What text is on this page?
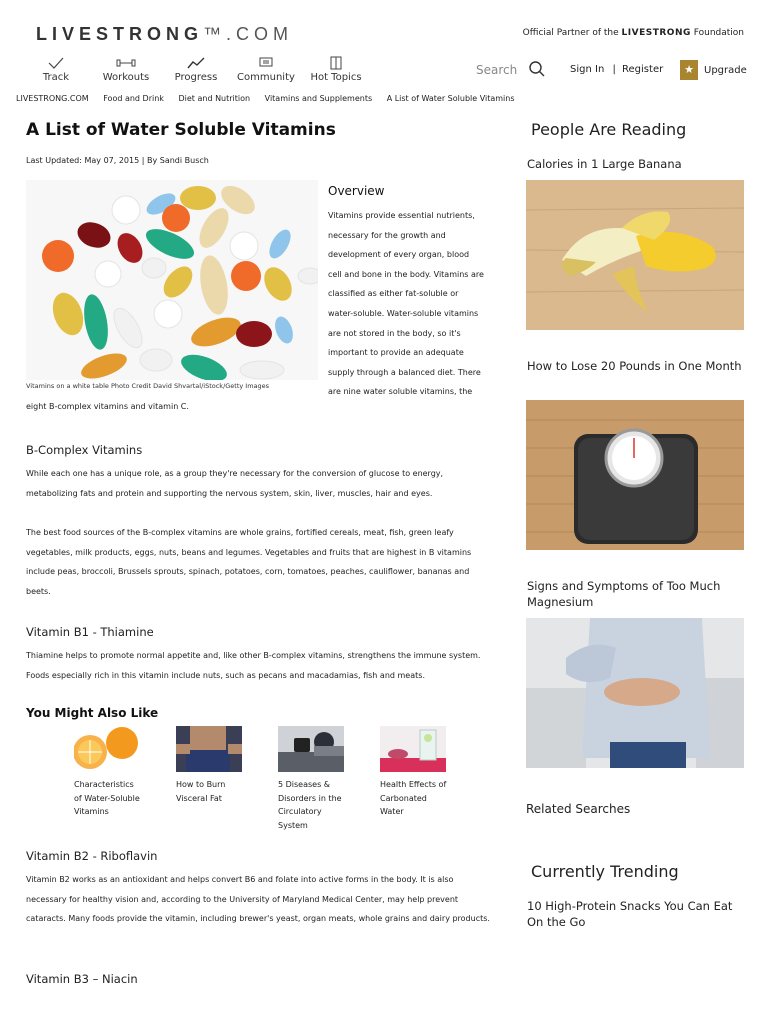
LIVESTRONG™.COM	Official Partner of the LIVESTRONG Foundation
Track	Workouts	Progress	Community	Hot Topics
Search	Sign In | Register	★	Upgrade
LIVESTRONG.COM Food and Drink Diet and Nutrition Vitamins and Supplements A List of Water Soluble Vitamins
A List of Water Soluble Vitamins
Last Updated: May 07, 2015 | By Sandi Busch
Vitamins on a white table Photo Credit David Shvartal/iStock/Getty Images
Overview
Vitamins provide essential nutrients,
necessary for the growth and
development of every organ, blood
cell and bone in the body. Vitamins are
classified as either fat-soluble or
water-soluble. Water-soluble vitamins
are not stored in the body, so it's
important to provide an adequate
supply through a balanced diet. There
are nine water soluble vitamins, the
eight B-complex vitamins and vitamin C.
B-Complex Vitamins

While each one has a unique role, as a group they're necessary for the conversion of glucose to energy, metabolizing fats and protein and supporting the nervous system, skin, liver, muscles, hair and eyes.

The best food sources of the B-complex vitamins are whole grains, fortified cereals, meat, fish, green leafy vegetables, milk products, eggs, nuts, beans and legumes. Vegetables and fruits that are highest in B vitamins include peas, broccoli, Brussels sprouts, spinach, potatoes, corn, tomatoes, peaches, cauliflower, bananas and beets.

Vitamin B1 - Thiamine

Thiamine helps to promote normal appetite and, like other B-complex vitamins, strengthens the immune system. Foods especially rich in this vitamin include nuts, such as pecans and macadamias, fish and meats.

You Might Also Like
Characteristics of Water-Soluble Vitamins
How to Burn Visceral Fat
5 Diseases & Disorders in the Circulatory System
Health Effects of Carbonated Water
Vitamin B2 - Riboflavin

Vitamin B2 works as an antioxidant and helps convert B6 and folate into active forms in the body. It is also necessary for healthy vision and, according to the University of Maryland Medical Center, may help prevent cataracts. Many foods provide the vitamin, including brewer's yeast, organ meats, whole grains and dairy products.

Vitamin B3 – Niacin
People Are Reading
Calories in 1 Large Banana
How to Lose 20 Pounds in One Month
Signs and Symptoms of Too Much Magnesium
Related Searches
Currently Trending
10 High-Protein Snacks You Can Eat On the Go
